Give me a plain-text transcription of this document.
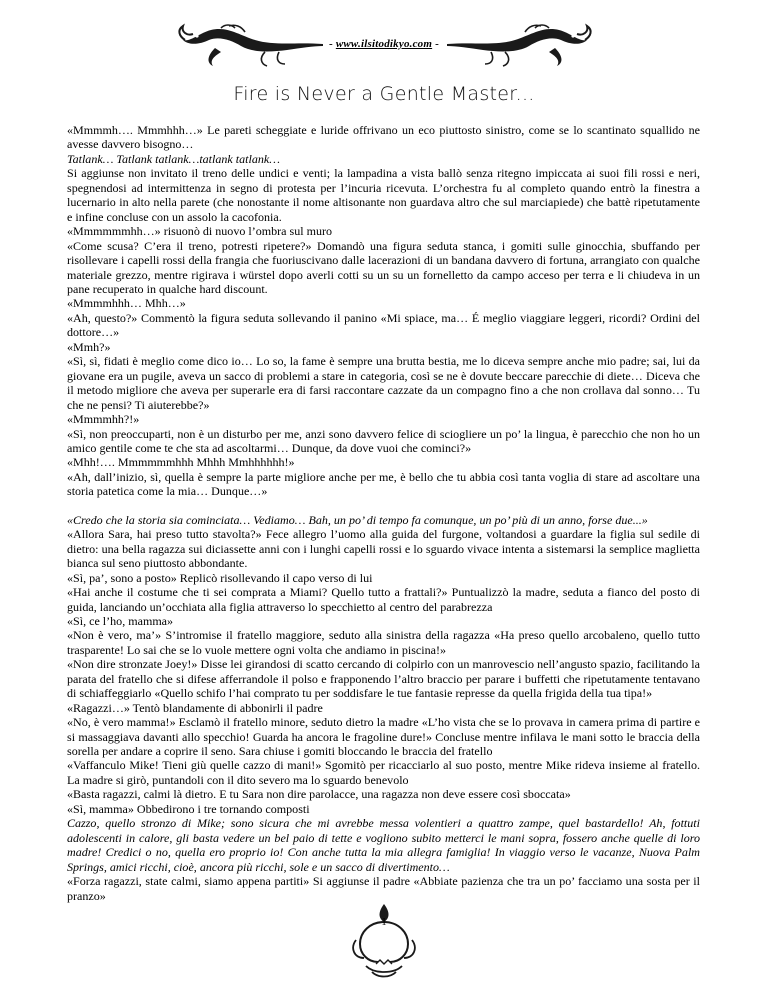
- www.ilsitodikyo.com -
Fire is Never a Gentle Master...

«Mmmmh…. Mmmhhh…» Le pareti scheggiate e luride offrivano un eco piuttosto sinistro, come se lo scantinato squallido ne avesse davvero bisogno…

Tatlank… Tatlank tatlank…tatlank tatlank…

Si aggiunse non invitato il treno delle undici e venti; la lampadina a vista ballò senza ritegno impiccata ai suoi fili rossi e neri, spegnendosi ad intermittenza in segno di protesta per l’incuria ricevuta. L’orchestra fu al completo quando entrò la finestra a lucernario in alto nella parete (che nonostante il nome altisonante non guardava altro che sul marciapiede) che battè ripetutamente e infine concluse con un assolo la cacofonia.

«Mmmmmmhh…» risuonò di nuovo l’ombra sul muro

«Come scusa? C’era il treno, potresti ripetere?» Domandò una figura seduta stanca, i gomiti sulle ginocchia, sbuffando per risollevare i capelli rossi della frangia che fuoriuscivano dalle lacerazioni di un bandana davvero di fortuna, arrangiato con qualche materiale grezzo, mentre rigirava i würstel dopo averli cotti su un su un fornelletto da campo acceso per terra e li chiudeva in un pane recuperato in qualche hard discount.

«Mmmmhhh… Mhh…»

«Ah, questo?» Commentò la figura seduta sollevando il panino «Mi spiace, ma… É meglio viaggiare leggeri, ricordi? Ordini del dottore…»

«Mmh?»

«Sì, sì, fidati è meglio come dico io… Lo so, la fame è sempre una brutta bestia, me lo diceva sempre anche mio padre; sai, lui da giovane era un pugile, aveva un sacco di problemi a stare in categoria, così se ne è dovute beccare parecchie di diete… Diceva che il metodo migliore che aveva per superarle era di farsi raccontare cazzate da un compagno fino a che non crollava dal sonno… Tu che ne pensi? Ti aiuterebbe?»

«Mmmmhh?!»

«Sì, non preoccuparti, non è un disturbo per me, anzi sono davvero felice di sciogliere un po’ la lingua, è parecchio che non ho un amico gentile come te che sta ad ascoltarmi… Dunque, da dove vuoi che cominci?»

«Mhh!…. Mmmmmmhhh Mhhh Mmhhhhhh!»

«Ah, dall’inizio, sì, quella è sempre la parte migliore anche per me, è bello che tu abbia così tanta voglia di stare ad ascoltare una storia patetica come la mia… Dunque…»

«Credo che la storia sia cominciata… Vediamo… Bah, un po’ di tempo fa comunque, un po’ più di un anno, forse due...»

«Allora Sara, hai preso tutto stavolta?» Fece allegro l’uomo alla guida del furgone, voltandosi a guardare la figlia sul sedile di dietro: una bella ragazza sui diciassette anni con i lunghi capelli rossi e lo sguardo vivace intenta a sistemarsi la semplice maglietta bianca sul seno piuttosto abbondante.

«Sì, pa’, sono a posto» Replicò risollevando il capo verso di lui

«Hai anche il costume che ti sei comprata a Miami? Quello tutto a frattali?» Puntualizzò la madre, seduta a fianco del posto di guida, lanciando un’occhiata alla figlia attraverso lo specchietto al centro del parabrezza

«Sì, ce l’ho, mamma»

«Non è vero, ma’» S’intromise il fratello maggiore, seduto alla sinistra della ragazza «Ha preso quello arcobaleno, quello tutto trasparente! Lo sai che se lo vuole mettere ogni volta che andiamo in piscina!»

«Non dire stronzate Joey!» Disse lei girandosi di scatto cercando di colpirlo con un manrovescio nell’angusto spazio, facilitando la parata del fratello che si difese afferrandole il polso e frapponendo l’altro braccio per parare i buffetti che ripetutamente tentavano di schiaffeggiarlo «Quello schifo l’hai comprato tu per soddisfare le tue fantasie represse da quella frigida della tua tipa!»

«Ragazzi…» Tentò blandamente di abbonirli il padre

«No, è vero mamma!» Esclamò il fratello minore, seduto dietro la madre «L’ho vista che se lo provava in camera prima di partire e si massaggiava davanti allo specchio! Guarda ha ancora le fragoline dure!» Concluse mentre infilava le mani sotto le braccia della sorella per andare a coprire il seno. Sara chiuse i gomiti bloccando le braccia del fratello

«Vaffanculo Mike! Tieni giù quelle cazzo di mani!» Sgomitò per ricacciarlo al suo posto, mentre Mike rideva insieme al fratello. La madre si girò, puntandoli con il dito severo ma lo sguardo benevolo

«Basta ragazzi, calmi là dietro. E tu Sara non dire parolacce, una ragazza non deve essere così sboccata»

«Sì, mamma» Obbedirono i tre tornando composti

Cazzo, quello stronzo di Mike; sono sicura che mi avrebbe messa volentieri a quattro zampe, quel bastardello! Ah, fottuti adolescenti in calore, gli basta vedere un bel paio di tette e vogliono subito metterci le mani sopra, fossero anche quelle di loro madre! Credici o no, quella ero proprio io! Con anche tutta la mia allegra famiglia! In viaggio verso le vacanze, Nuova Palm Springs, amici ricchi, cioè, ancora più ricchi, sole e un sacco di divertimento…

«Forza ragazzi, state calmi, siamo appena partiti» Si aggiunse il padre «Abbiate pazienza che tra un po’ facciamo una sosta per il pranzo»

1
